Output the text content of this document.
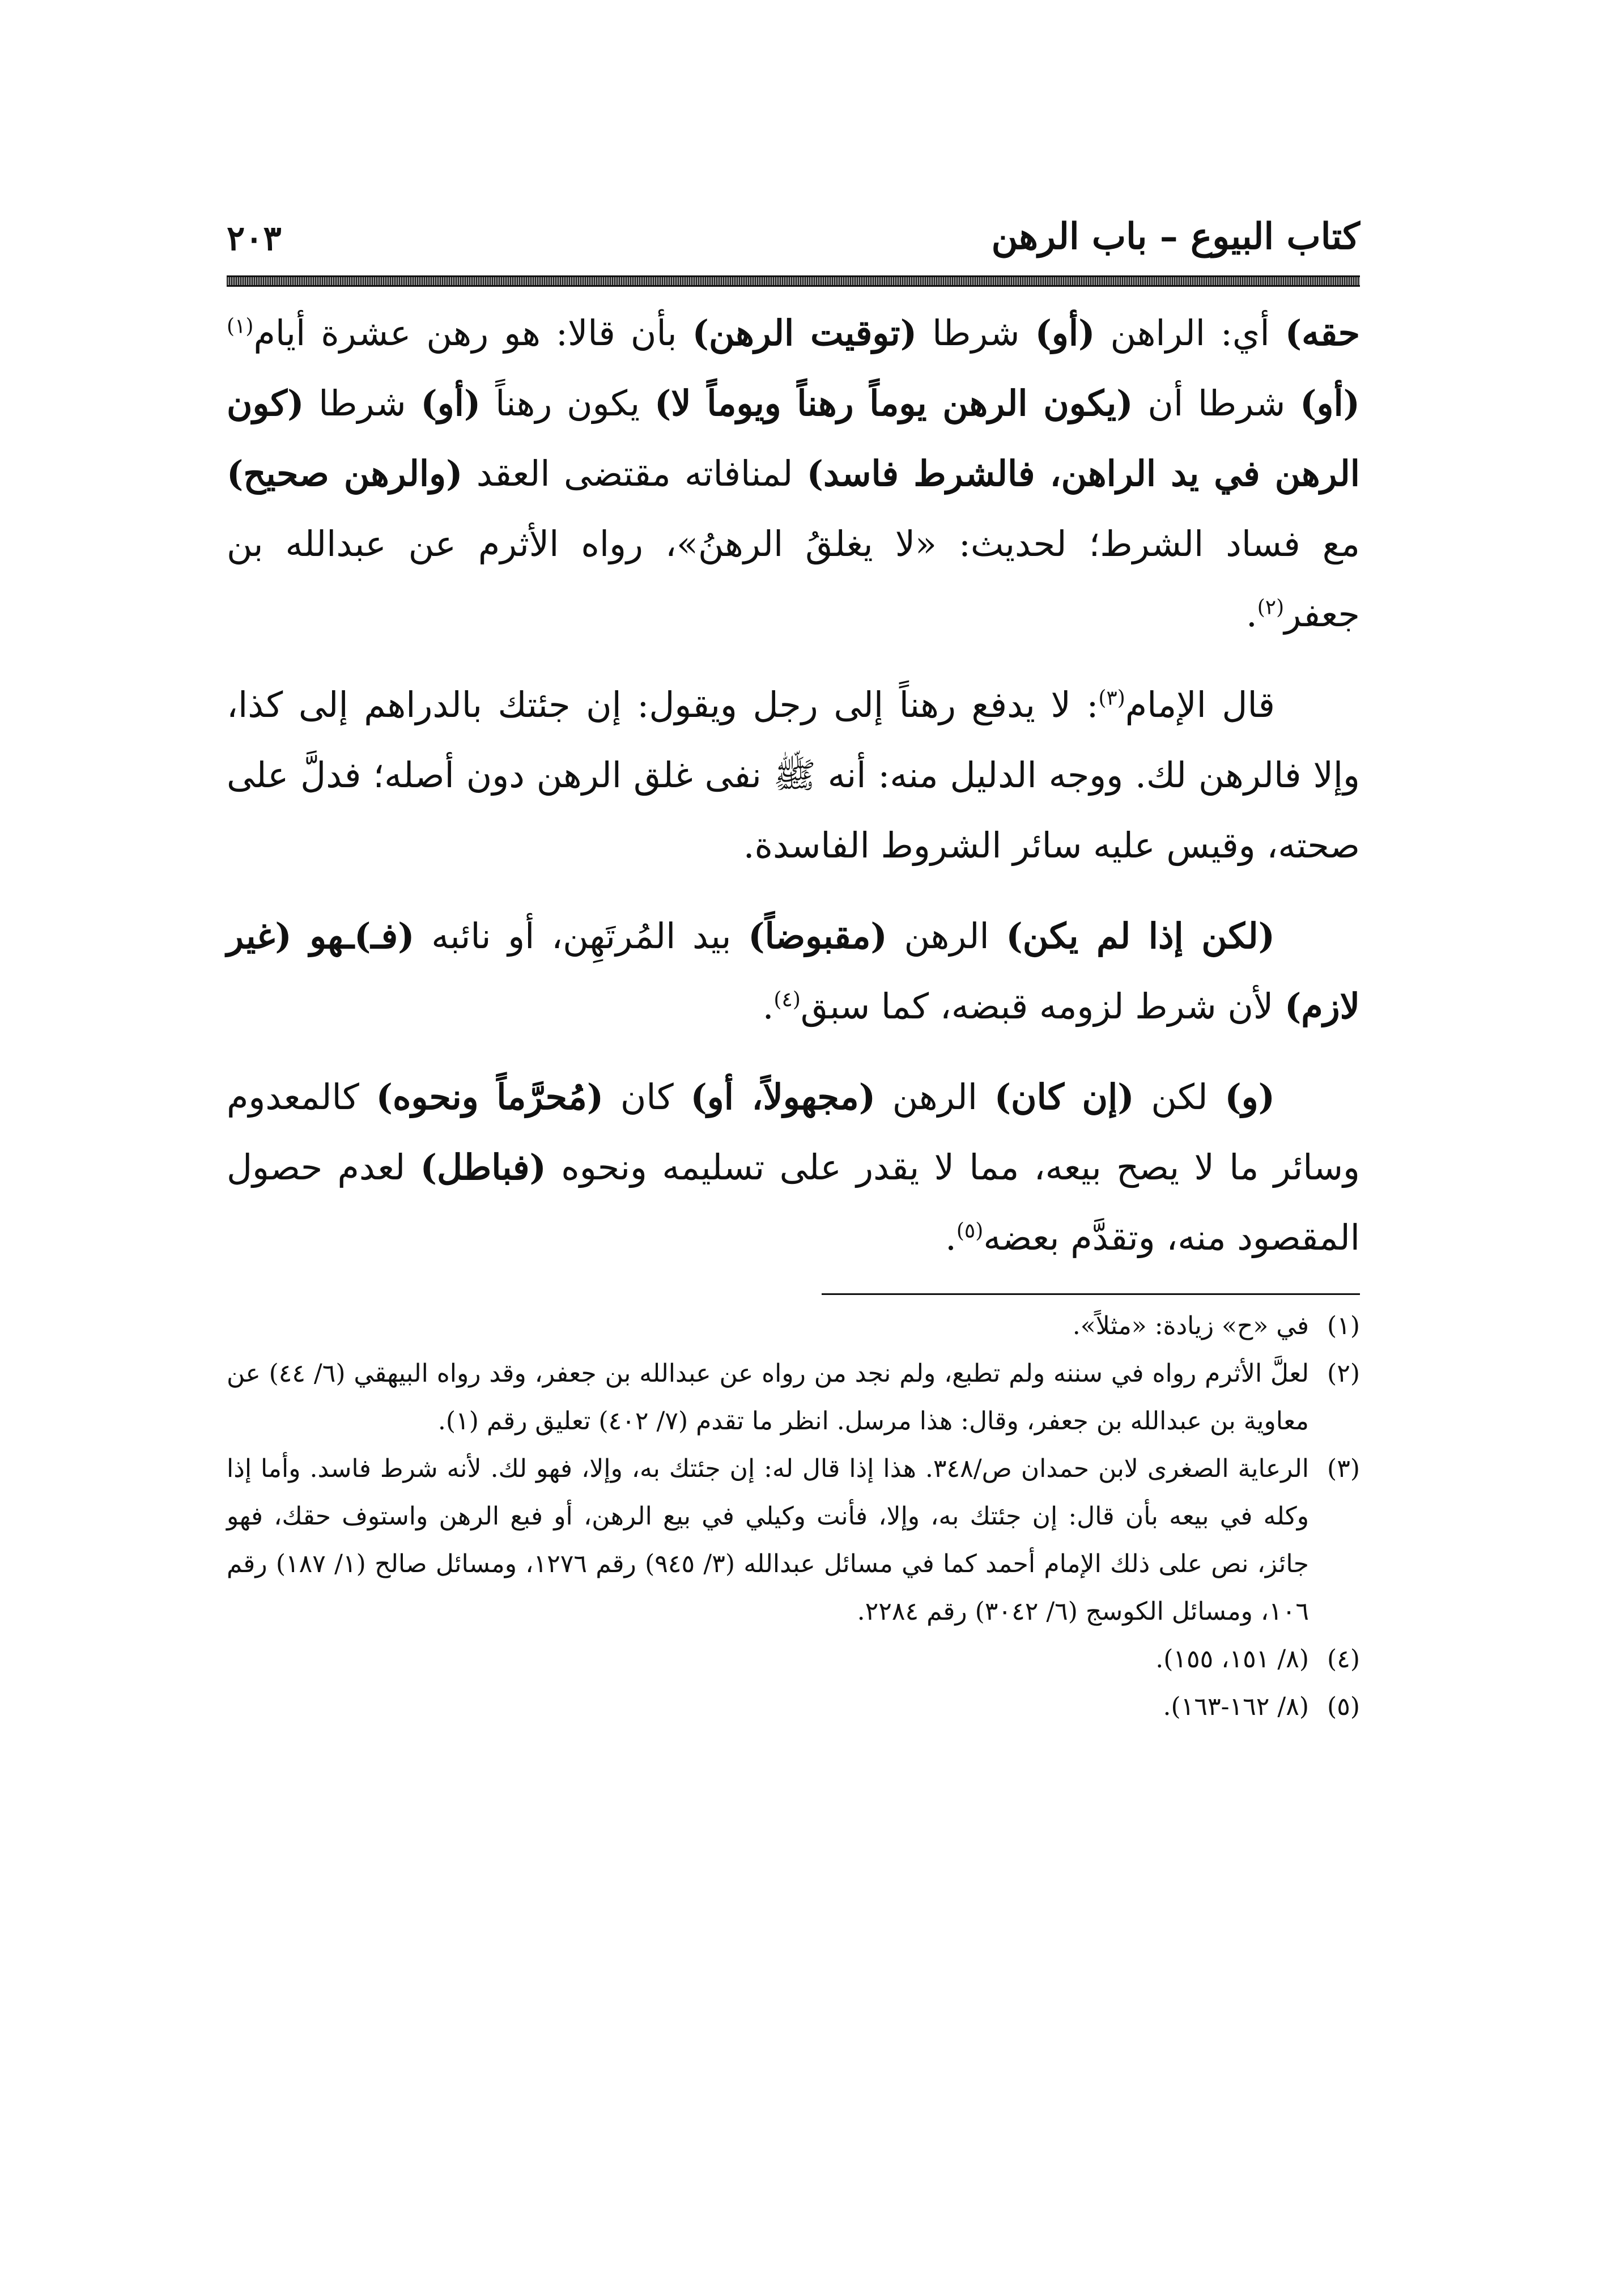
كتاب البيوع – باب الرهن
٢٠٣

حقه) أي: الراهن (أو) شرطا (توقيت الرهن) بأن قالا: هو رهن عشرة أيام$^{(١)}$ (أو) شرطا أن (يكون الرهن يوماً رهناً ويوماً لا) يكون رهناً (أو) شرطا (كون الرهن في يد الراهن، فالشرط فاسد) لمنافاته مقتضى العقد (والرهن صحيح) مع فساد الشرط؛ لحديث: «لا يغلقُ الرهنُ»، رواه الأثرم عن عبدالله بن جعفر$^{(٢)}$.

قال الإمام$^{(٣)}$: لا يدفع رهناً إلى رجل ويقول: إن جئتك بالدراهم إلى كذا، وإلا فالرهن لك. ووجه الدليل منه: أنه ﷺ نفى غلق الرهن دون أصله؛ فدلَّ على صحته، وقيس عليه سائر الشروط الفاسدة.

(لكن إذا لم يكن) الرهن (مقبوضاً) بيد المُرتَهِن، أو نائبه (فـ)ـهو (غير لازم) لأن شرط لزومه قبضه، كما سبق$^{(٤)}$.

(و) لكن (إن كان) الرهن (مجهولاً، أو) كان (مُحرَّماً ونحوه) كالمعدوم وسائر ما لا يصح بيعه، مما لا يقدر على تسليمه ونحوه (فباطل) لعدم حصول المقصود منه، وتقدَّم بعضه$^{(٥)}$.

(١)
في «ح» زيادة: «مثلاً».

(٢)
لعلَّ الأثرم رواه في سننه ولم تطبع، ولم نجد من رواه عن عبدالله بن جعفر، وقد رواه البيهقي (٦/ ٤٤) عن معاوية بن عبدالله بن جعفر، وقال: هذا مرسل. انظر ما تقدم (٧/ ٤٠٢) تعليق رقم (١).

(٣)
الرعاية الصغرى لابن حمدان ص/٣٤٨. هذا إذا قال له: إن جئتك به، وإلا، فهو لك. لأنه شرط فاسد. وأما إذا وكله في بيعه بأن قال: إن جئتك به، وإلا، فأنت وكيلي في بيع الرهن، أو فبع الرهن واستوف حقك، فهو جائز، نص على ذلك الإمام أحمد كما في مسائل عبدالله (٣/ ٩٤٥) رقم ١٢٧٦، ومسائل صالح (١/ ١٨٧) رقم ١٠٦، ومسائل الكوسج (٦/ ٣٠٤٢) رقم ٢٢٨٤.

(٤)
(٨/ ١٥١، ١٥٥).

(٥)
(٨/ ١٦٢-١٦٣).
